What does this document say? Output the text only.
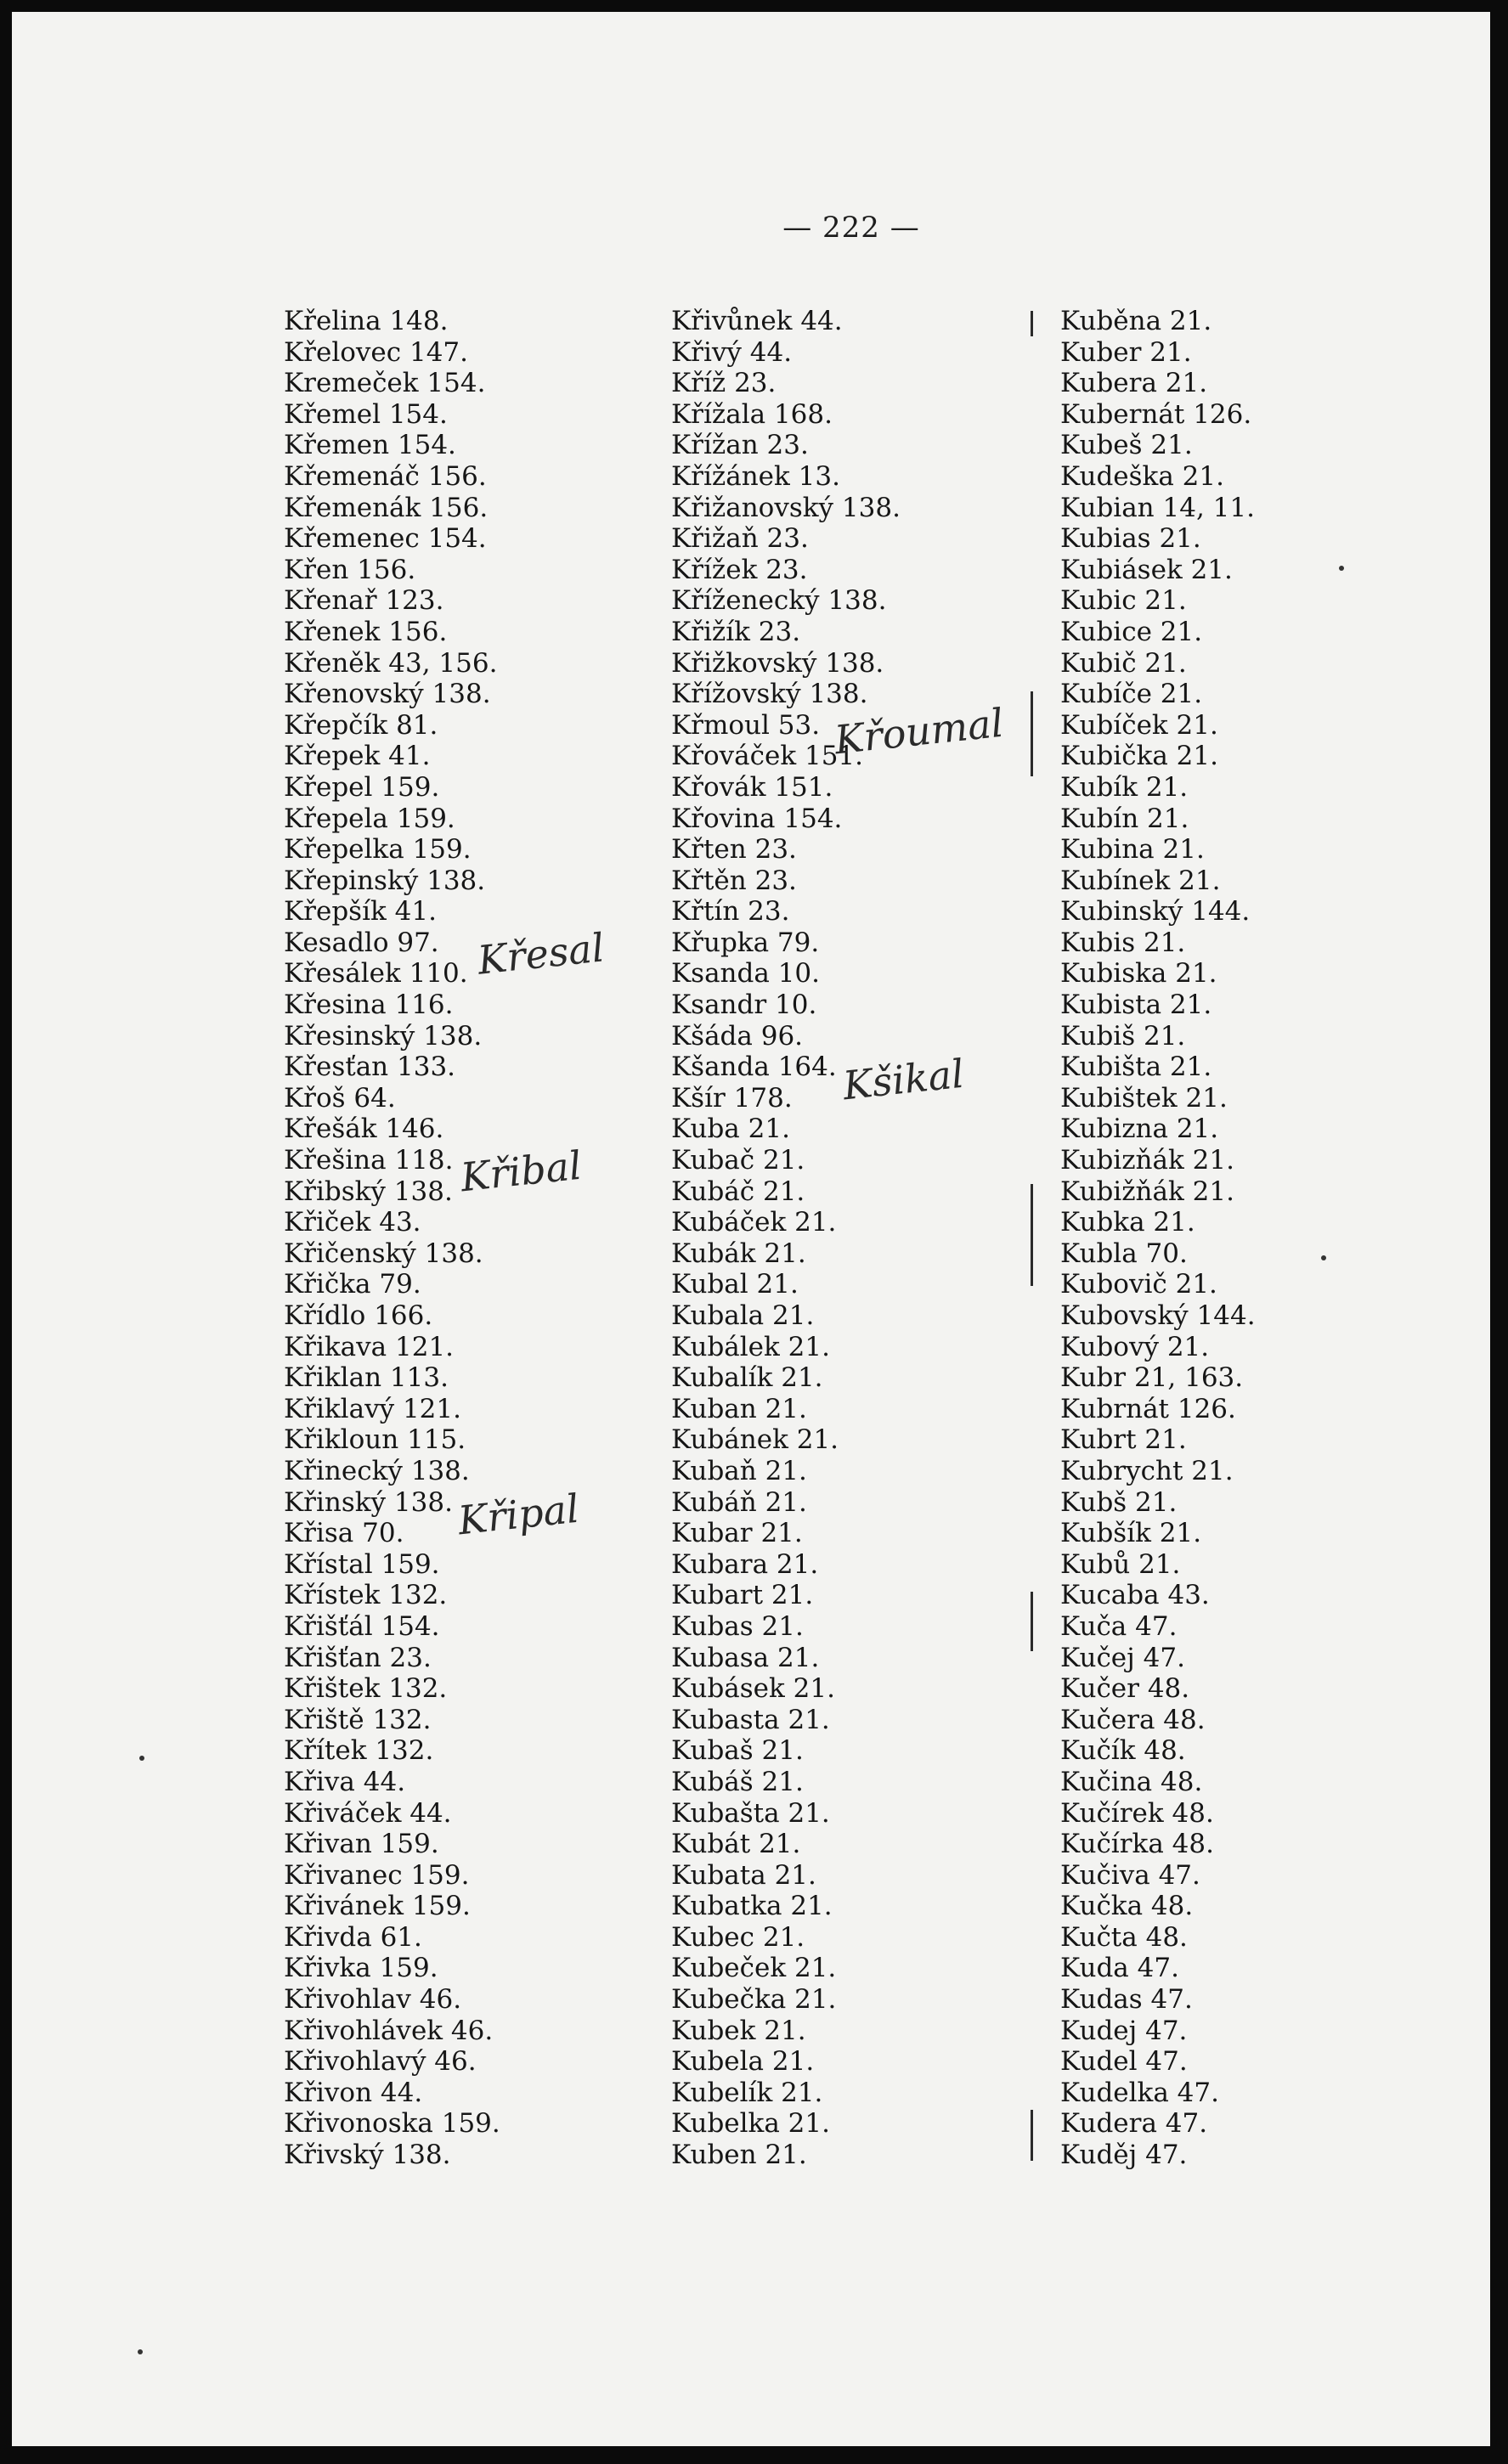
— 222 —
Křelina 148.
Křelovec 147.
Kremeček 154.
Křemel 154.
Křemen 154.
Křemenáč 156.
Křemenák 156.
Křemenec 154.
Křen 156.
Křenař 123.
Křenek 156.
Křeněk 43, 156.
Křenovský 138.
Křepčík 81.
Křepek 41.
Křepel 159.
Křepela 159.
Křepelka 159.
Křepinský 138.
Křepšík 41.
Kesadlo 97.
Křesálek 110.
Křesina 116.
Křesinský 138.
Křesťan 133.
Křoš 64.
Křešák 146.
Křešina 118.
Křibský 138.
Křiček 43.
Křičenský 138.
Křička 79.
Křídlo 166.
Křikava 121.
Křiklan 113.
Křiklavý 121.
Křikloun 115.
Křinecký 138.
Křinský 138.
Křisa 70.
Křístal 159.
Křístek 132.
Křišťál 154.
Křišťan 23.
Křištek 132.
Křiště 132.
Křítek 132.
Křiva 44.
Křiváček 44.
Křivan 159.
Křivanec 159.
Křivánek 159.
Křivda 61.
Křivka 159.
Křivohlav 46.
Křivohlávek 46.
Křivohlavý 46.
Křivon 44.
Křivonoska 159.
Křivský 138.
Křivůnek 44.
Křivý 44.
Kříž 23.
Křížala 168.
Křížan 23.
Křížánek 13.
Křižanovský 138.
Křižaň 23.
Křížek 23.
Kříženecký 138.
Křižík 23.
Křižkovský 138.
Křížovský 138.
Křmoul 53.
Křováček 151.
Křovák 151.
Křovina 154.
Křten 23.
Křtěn 23.
Křtín 23.
Křupka 79.
Ksanda 10.
Ksandr 10.
Kšáda 96.
Kšanda 164.
Kšír 178.
Kuba 21.
Kubač 21.
Kubáč 21.
Kubáček 21.
Kubák 21.
Kubal 21.
Kubala 21.
Kubálek 21.
Kubalík 21.
Kuban 21.
Kubánek 21.
Kubaň 21.
Kubáň 21.
Kubar 21.
Kubara 21.
Kubart 21.
Kubas 21.
Kubasa 21.
Kubásek 21.
Kubasta 21.
Kubaš 21.
Kubáš 21.
Kubašta 21.
Kubát 21.
Kubata 21.
Kubatka 21.
Kubec 21.
Kubeček 21.
Kubečka 21.
Kubek 21.
Kubela 21.
Kubelík 21.
Kubelka 21.
Kuben 21.
Kuběna 21.
Kuber 21.
Kubera 21.
Kubernát 126.
Kubeš 21.
Kudeška 21.
Kubian 14, 11.
Kubias 21.
Kubiásek 21.
Kubic 21.
Kubice 21.
Kubič 21.
Kubíče 21.
Kubíček 21.
Kubička 21.
Kubík 21.
Kubín 21.
Kubina 21.
Kubínek 21.
Kubinský 144.
Kubis 21.
Kubiska 21.
Kubista 21.
Kubiš 21.
Kubišta 21.
Kubištek 21.
Kubizna 21.
Kubizňák 21.
Kubižňák 21.
Kubka 21.
Kubla 70.
Kubovič 21.
Kubovský 144.
Kubový 21.
Kubr 21, 163.
Kubrnát 126.
Kubrt 21.
Kubrycht 21.
Kubš 21.
Kubšík 21.
Kubů 21.
Kucaba 43.
Kuča 47.
Kučej 47.
Kučer 48.
Kučera 48.
Kučík 48.
Kučina 48.
Kučírek 48.
Kučírka 48.
Kučiva 47.
Kučka 48.
Kučta 48.
Kuda 47.
Kudas 47.
Kudej 47.
Kudel 47.
Kudelka 47.
Kudera 47.
Kuděj 47.
Křesal
Křibal
Křipal
Křoumal
Kšikal
